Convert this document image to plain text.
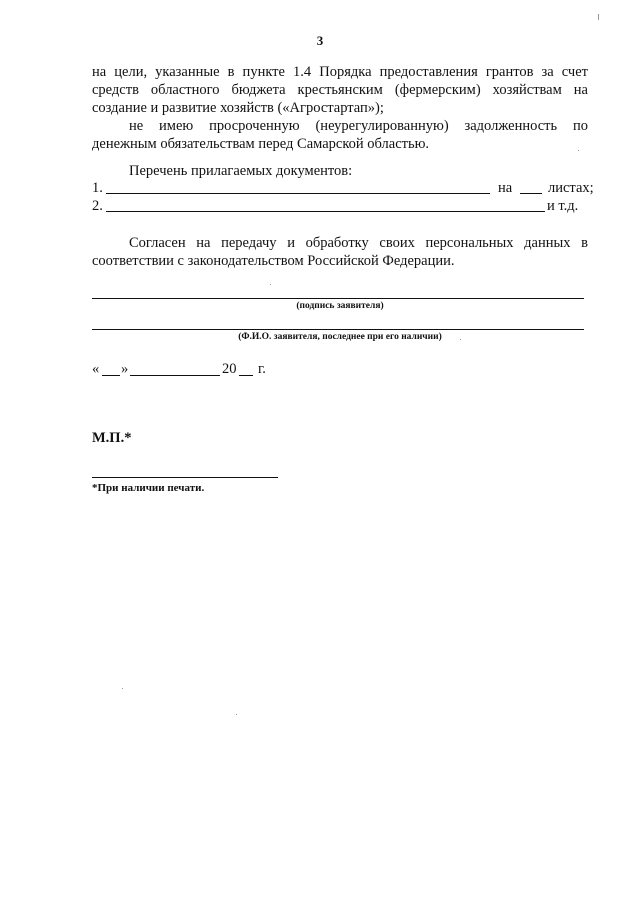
3
на цели, указанные в пункте 1.4 Порядка предоставления грантов за счет
средств областного бюджета крестьянским (фермерским) хозяйствам на
создание и развитие хозяйств («Агростартап»);
не имею просроченную (неурегулированную) задолженность по
денежным обязательствам перед Самарской областью.
Перечень прилагаемых документов:
1.	на листах;
2.	и т.д.
Согласен на передачу и обработку своих персональных данных в
соответствии с законодательством Российской Федерации.
(подпись заявителя)
(Ф.И.О. заявителя, последнее при его наличии)
« »	20 г.
М.П.*
*При наличии печати.
